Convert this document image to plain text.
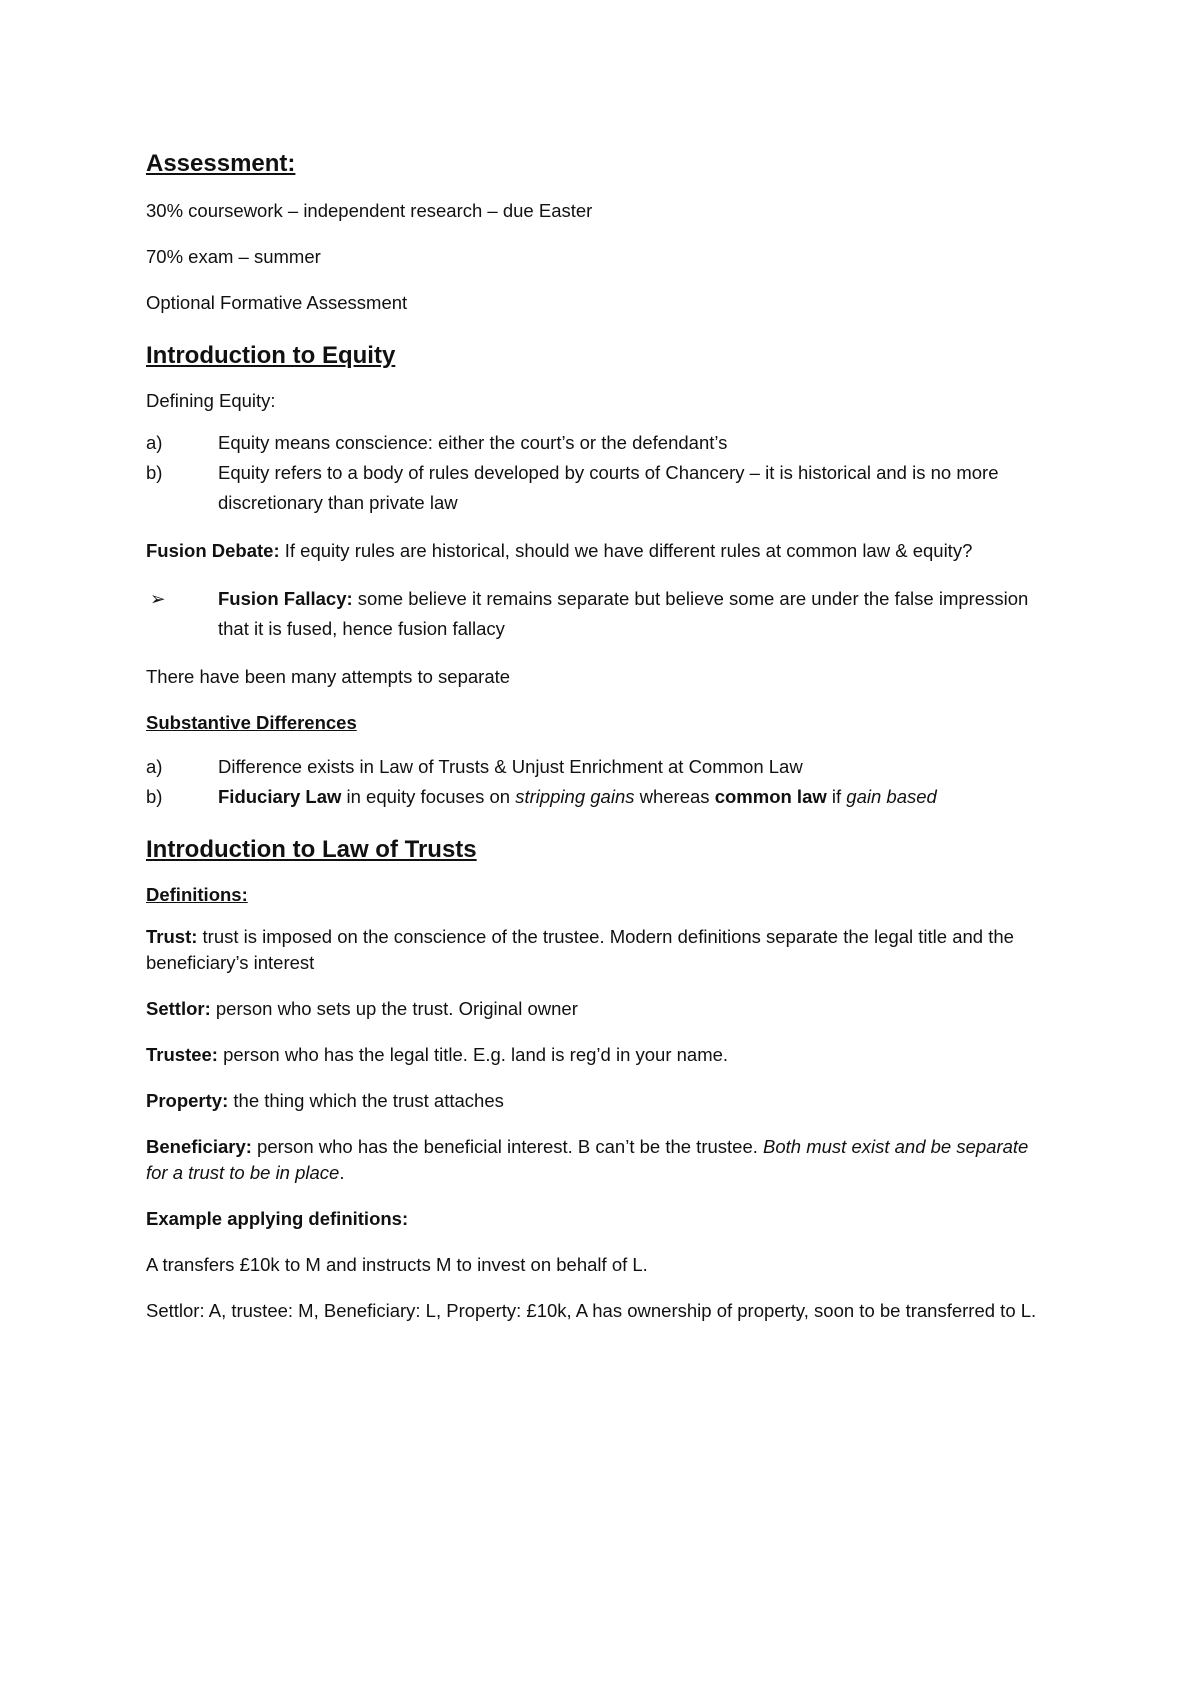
Assessment:

30% coursework – independent research – due Easter

70% exam – summer

Optional Formative Assessment

Introduction to Equity

Defining Equity:

a)	Equity means conscience: either the court’s or the defendant’s
b)	Equity refers to a body of rules developed by courts of Chancery – it is historical and is no more discretionary than private law

Fusion Debate: If equity rules are historical, should we have different rules at common law & equity?

➢	Fusion Fallacy: some believe it remains separate but believe some are under the false impression that it is fused, hence fusion fallacy

There have been many attempts to separate

Substantive Differences
a)	Difference exists in Law of Trusts & Unjust Enrichment at Common Law
b)	Fiduciary Law in equity focuses on stripping gains whereas common law if gain based
Introduction to Law of Trusts
Definitions:

Trust: trust is imposed on the conscience of the trustee. Modern definitions separate the legal title and the beneficiary’s interest

Settlor: person who sets up the trust. Original owner

Trustee: person who has the legal title. E.g. land is reg’d in your name.

Property: the thing which the trust attaches

Beneficiary: person who has the beneficial interest. B can’t be the trustee. Both must exist and be separate for a trust to be in place.

Example applying definitions:

A transfers £10k to M and instructs M to invest on behalf of L.

Settlor: A, trustee: M, Beneficiary: L, Property: £10k, A has ownership of property, soon to be transferred to L.
